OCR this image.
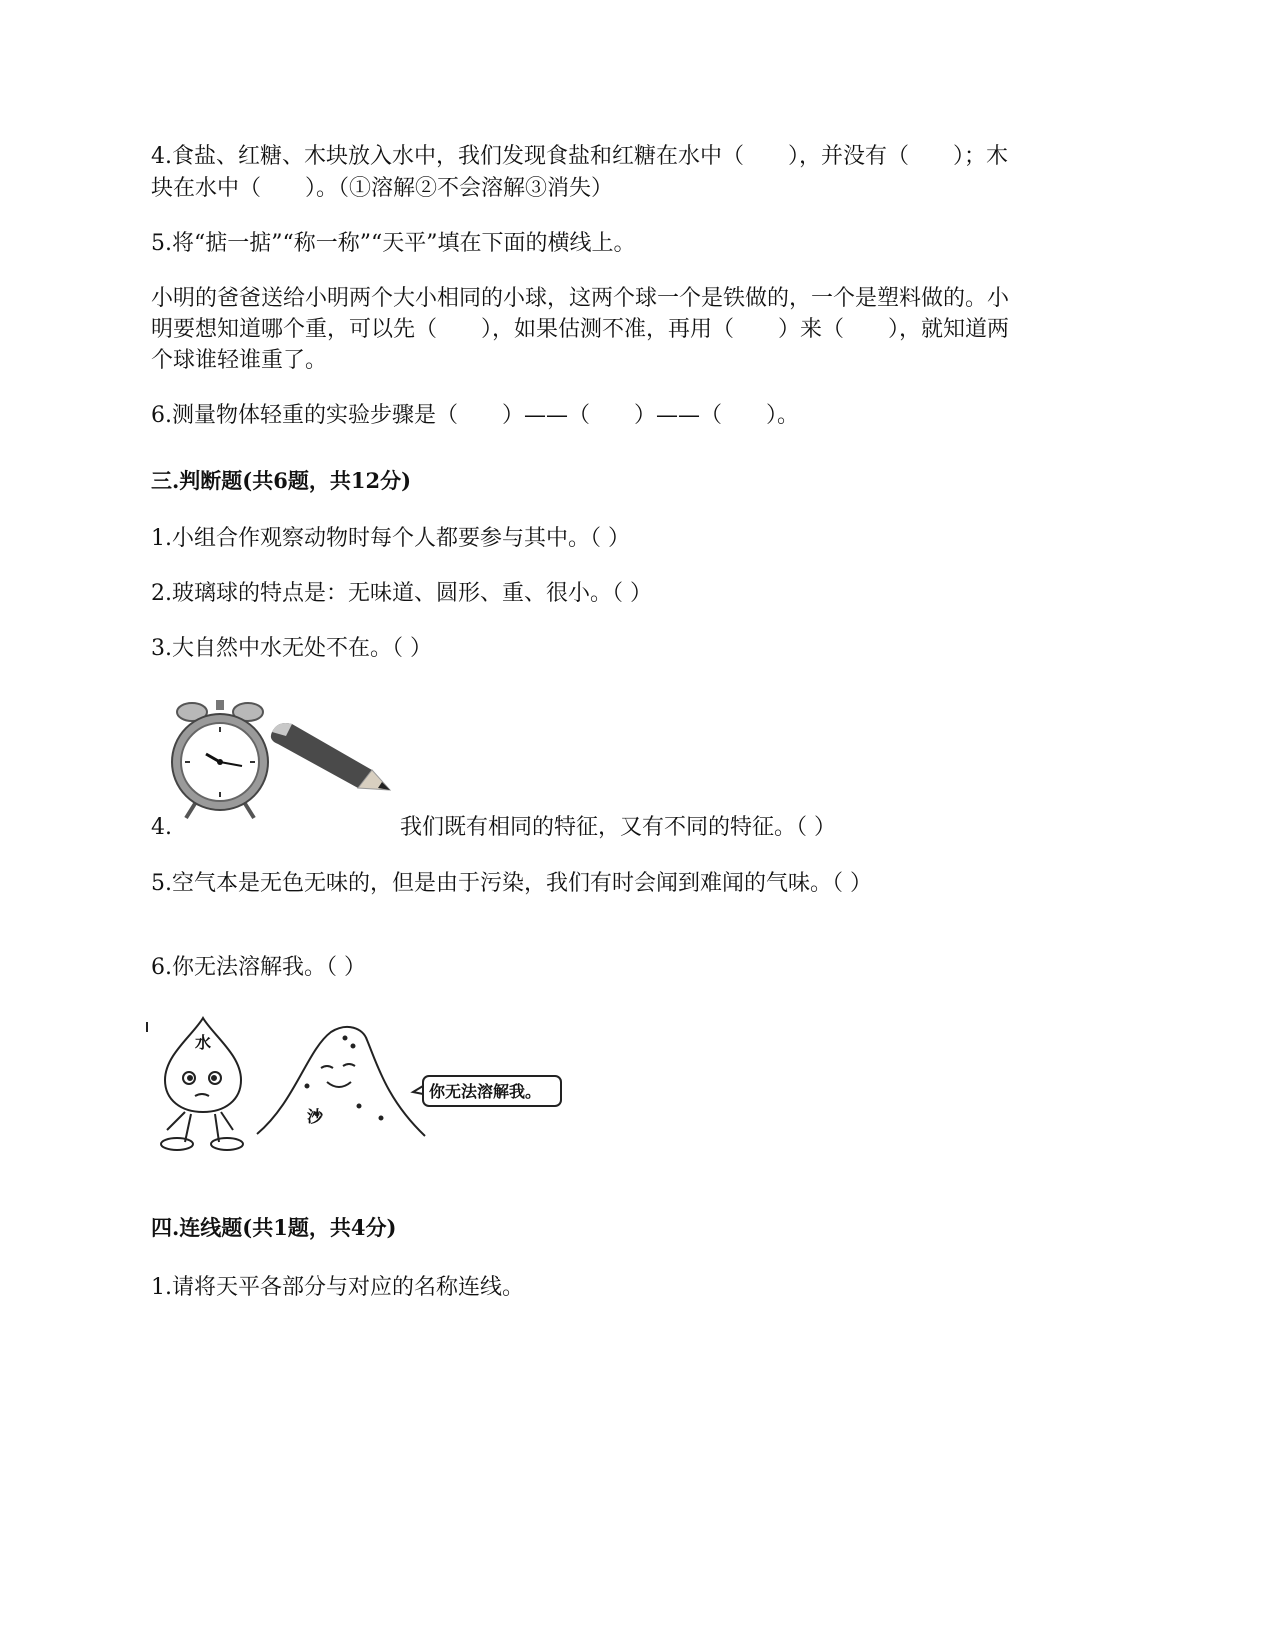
4.食盐、红糖、木块放入水中，我们发现食盐和红糖在水中（　　），并没有（　　）；木
块在水中（　　）。（①溶解②不会溶解③消失）
5.将“掂一掂”“称一称”“天平”填在下面的横线上。
小明的爸爸送给小明两个大小相同的小球，这两个球一个是铁做的，一个是塑料做的。小
明要想知道哪个重，可以先（　　），如果估测不准，再用（　　）来（　　），就知道两
个球谁轻谁重了。
6.测量物体轻重的实验步骤是（　　）——（　　）——（　　）。
三.判断题(共6题，共12分)
1.小组合作观察动物时每个人都要参与其中。（ ）
2.玻璃球的特点是：无味道、圆形、重、很小。（ ）
3.大自然中水无处不在。（ ）
4.	我们既有相同的特征，又有不同的特征。（ ）
5.空气本是无色无味的，但是由于污染，我们有时会闻到难闻的气味。（ ）
6.你无法溶解我。（ ）
水
沙
你无法溶解我。
四.连线题(共1题，共4分)
1.请将天平各部分与对应的名称连线。
